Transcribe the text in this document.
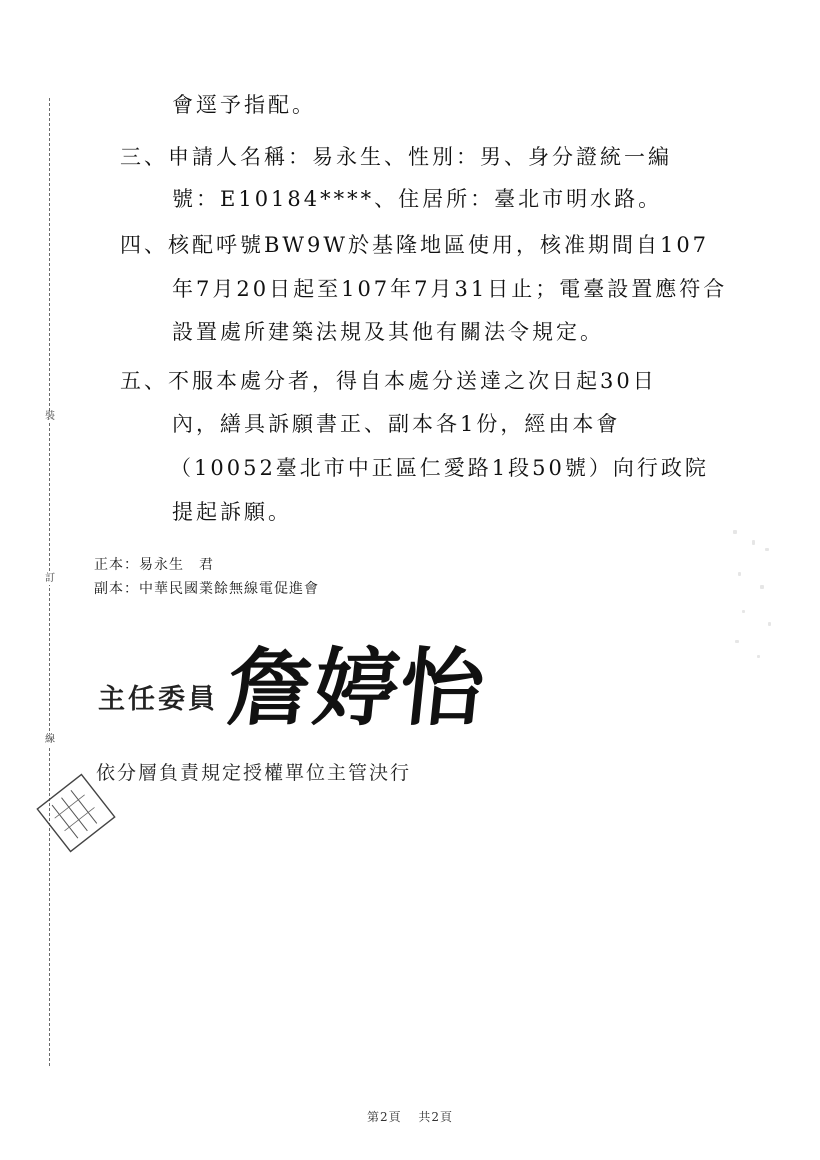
裝
訂
線
會逕予指配。
三、申請人名稱：易永生、性別：男、身分證統一編
號：E10184****、住居所：臺北市明水路。
四、核配呼號BW9W於基隆地區使用，核准期間自107
年7月20日起至107年7月31日止；電臺設置應符合
設置處所建築法規及其他有關法令規定。
五、不服本處分者，得自本處分送達之次日起30日
內，繕具訴願書正、副本各1份，經由本會
（10052臺北市中正區仁愛路1段50號）向行政院
提起訴願。
正本：易永生　君
副本：中華民國業餘無線電促進會
主任委員 詹婷怡
依分層負責規定授權單位主管決行
第2頁 共2頁
